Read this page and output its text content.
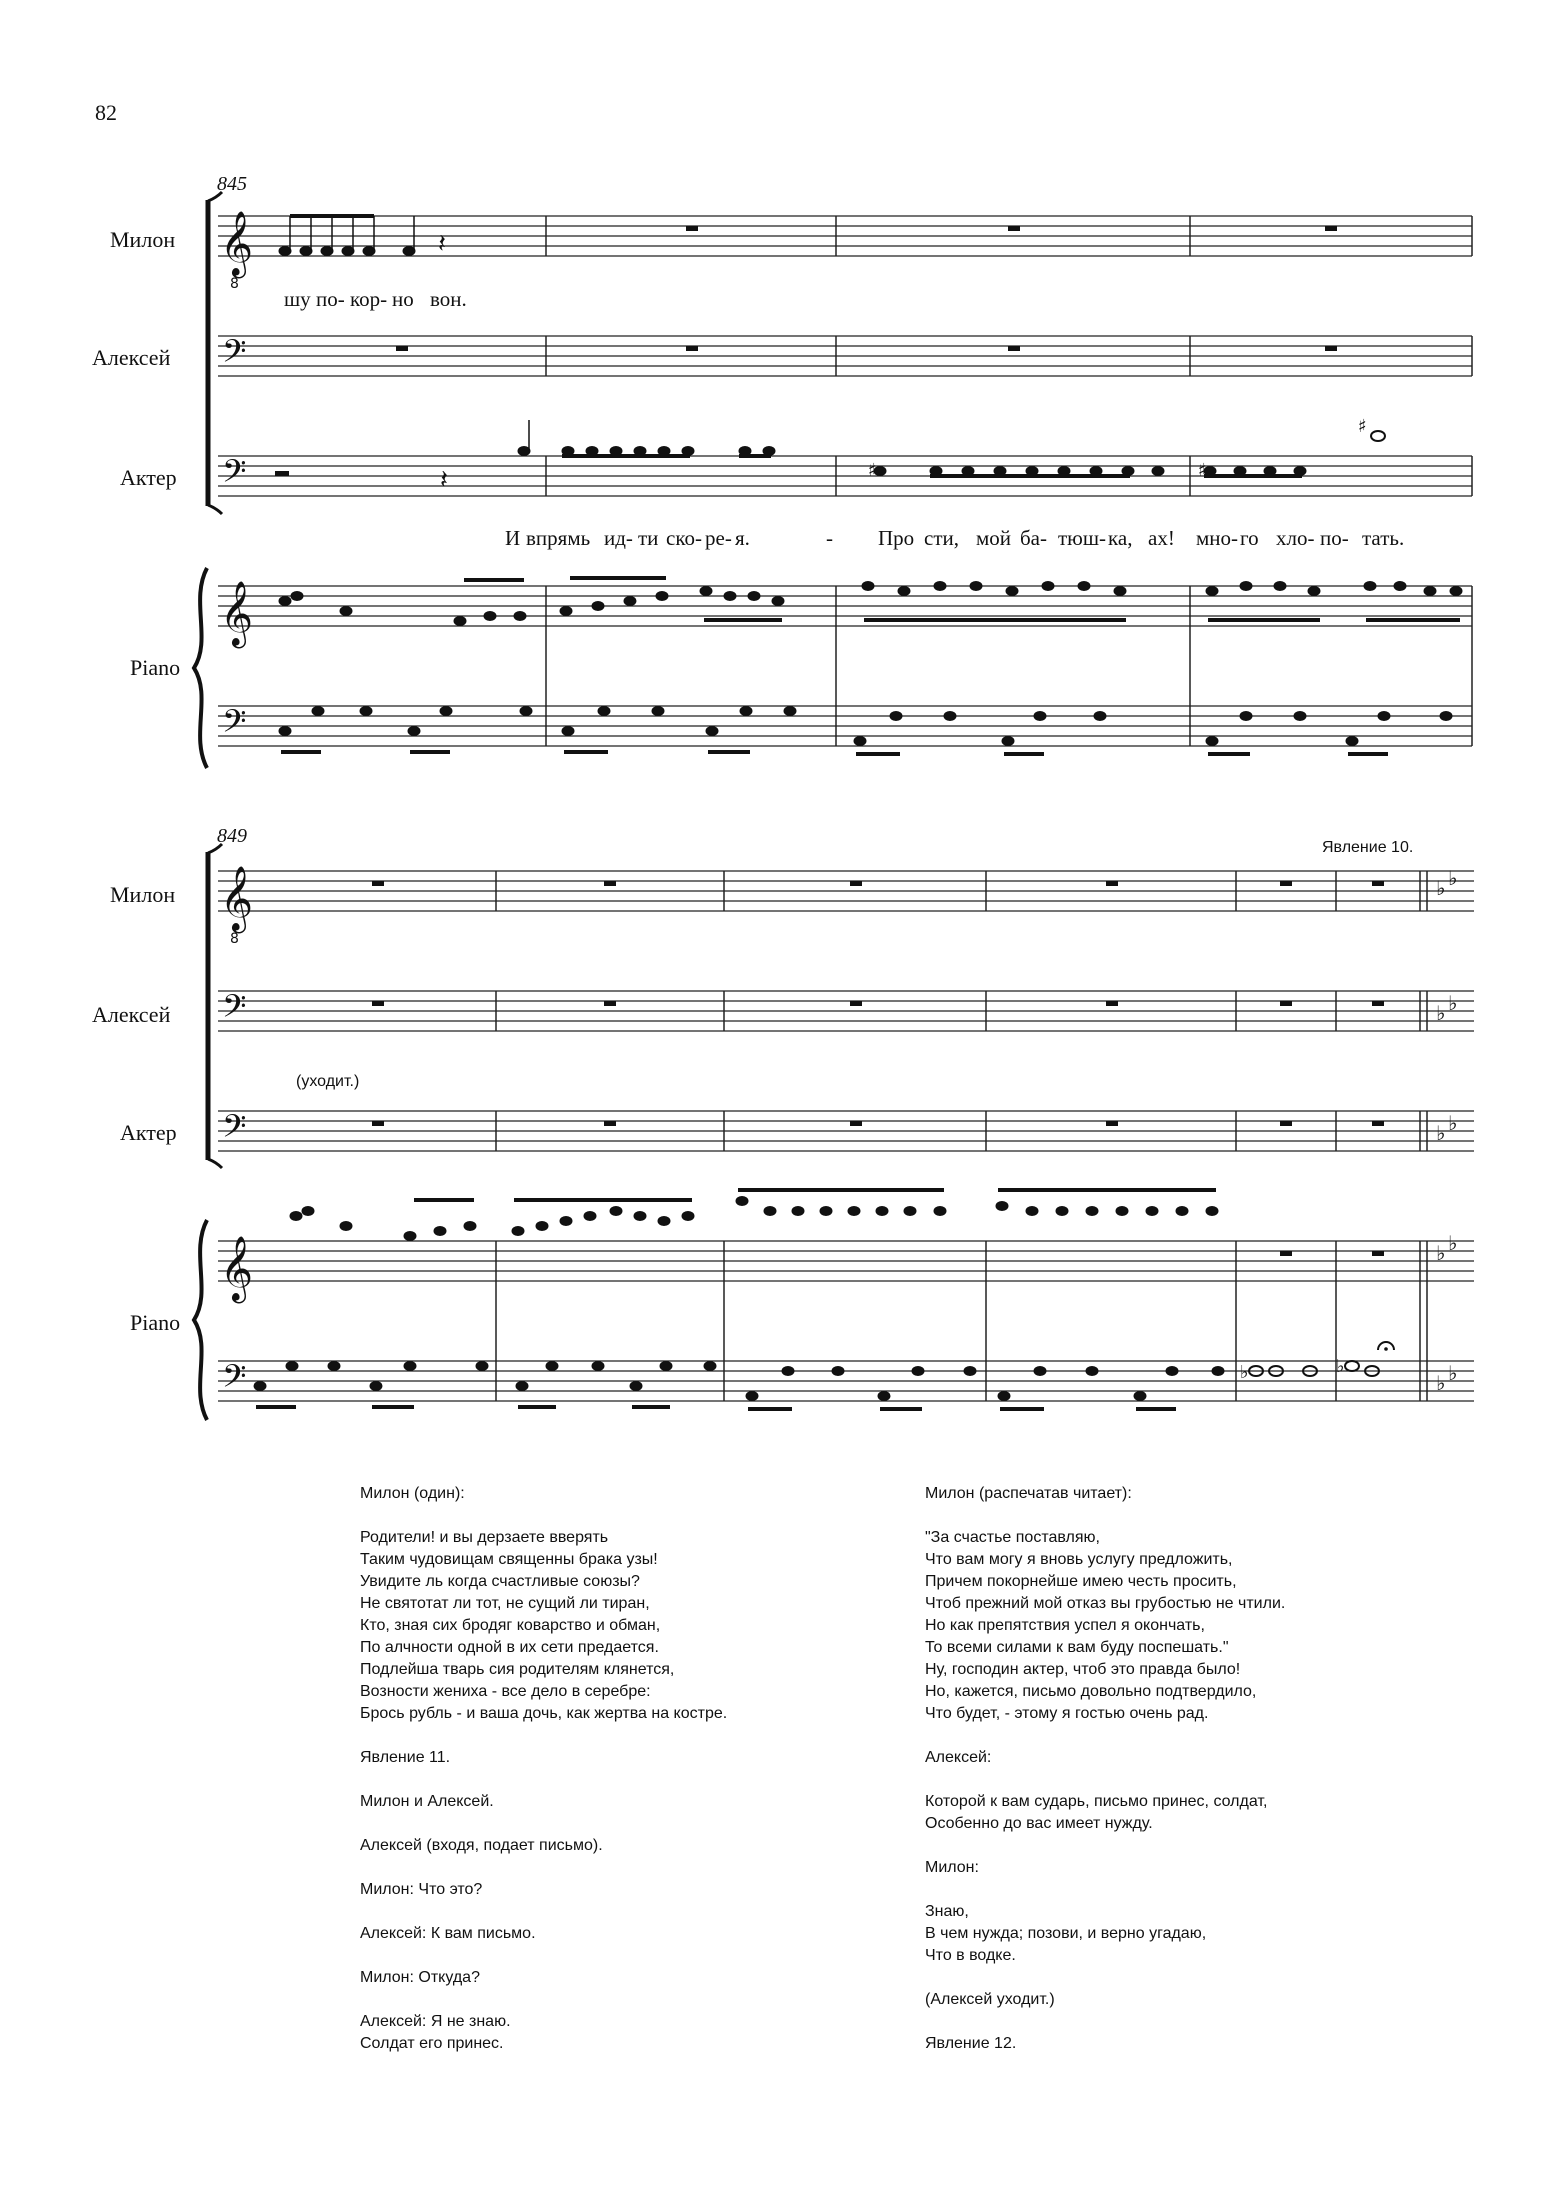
82
845
Милон
Алексей
Актер
Piano
𝄞
8
𝄢
𝄢
𝄞
𝄢
𝄽
𝄽	♯	♯
♯
шу по- кор- но вон.
И впрямь ид- ти ско- ре- я.	- Про сти, мой ба- тюш- ка, ах! мно- го хло- по- тать.
849
Явление 10.
(уходит.)
Милон
Алексей
Актер
Piano
𝄞
8
𝄢
𝄢
𝄞
𝄢
♭ ♭
♭ ♭
♭ ♭
♭ ♭
♭ ♭
♭	♭

Милон (один):

Родители! и вы дерзаете вверять
Таким чудовищам священны брака узы!
Увидите ль когда счастливые союзы?
Не святотат ли тот, не сущий ли тиран,
Кто, зная сих бродяг коварство и обман,
По алчности одной в их сети предается.
Подлейша тварь сия родителям клянется,
Возности жениха - все дело в серебре:
Брось рубль - и ваша дочь, как жертва на костре.

Явление 11.

Милон и Алексей.

Алексей (входя, подает письмо).

Милон: Что это?

Алексей: К вам письмо.

Милон: Откуда?

Алексей: Я не знаю.
Солдат его принес.

Милон (распечатав читает):

"За счастье поставляю,
Что вам могу я вновь услугу предложить,
Причем покорнейше имею честь просить,
Чтоб прежний мой отказ вы грубостью не чтили.
Но как препятствия успел я окончать,
То всеми силами к вам буду поспешать."
Ну, господин актер, чтоб это правда было!
Но, кажется, письмо довольно подтвердило,
Что будет, - этому я гостью очень рад.

Алексей:

Которой к вам сударь, письмо принес, солдат,
Особенно до вас имеет нужду.

Милон:

Знаю,
В чем нужда; позови, и верно угадаю,
Что в водке.

(Алексей уходит.)

Явление 12.
